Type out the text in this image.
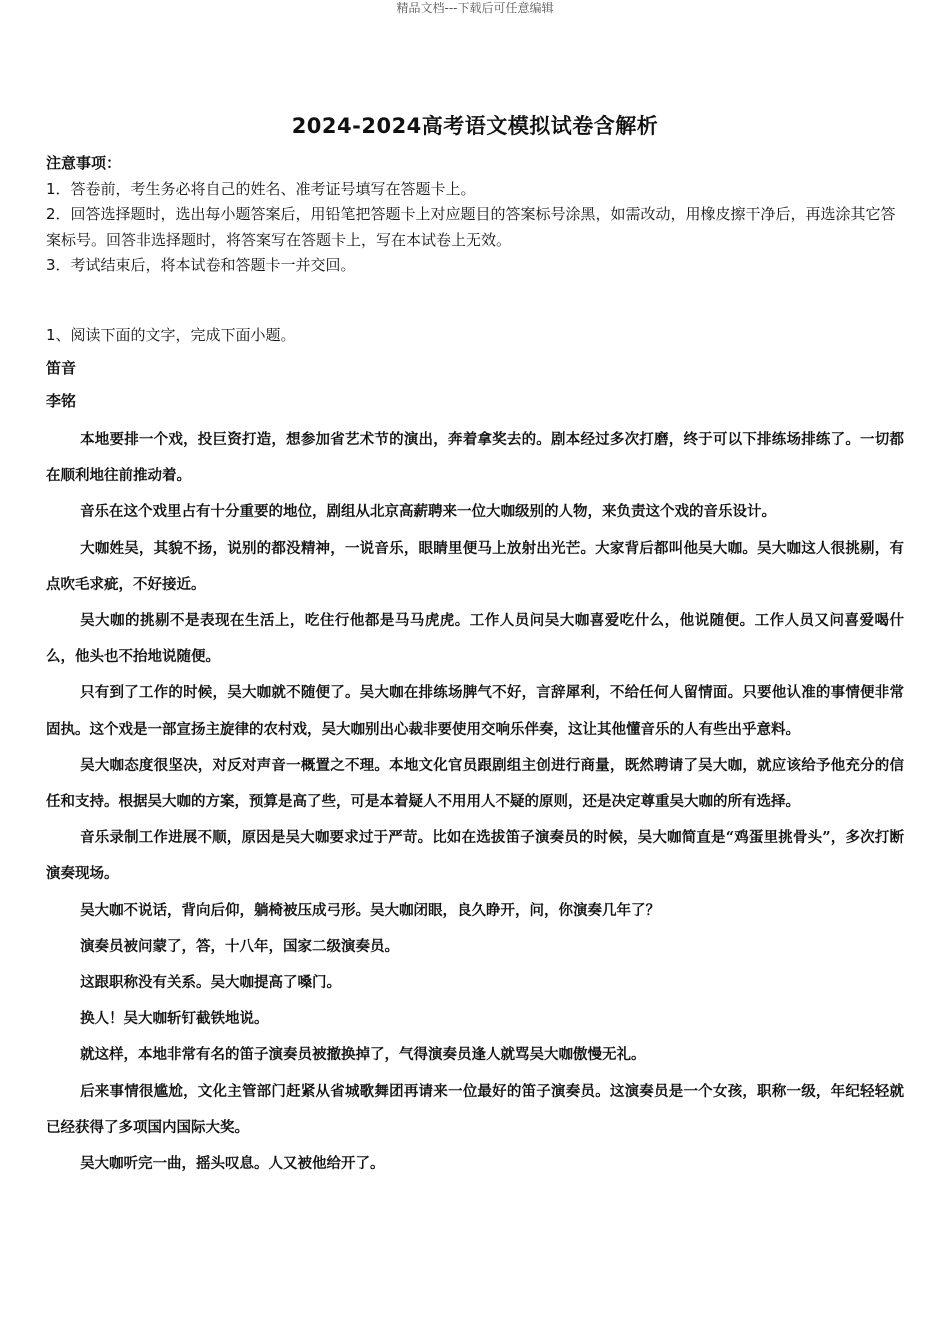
精品文档---下载后可任意编辑
2024-2024高考语文模拟试卷含解析
注意事项：
1．答卷前，考生务必将自己的姓名、准考证号填写在答题卡上。
2．回答选择题时，选出每小题答案后，用铅笔把答题卡上对应题目的答案标号涂黑，如需改动，用橡皮擦干净后，再选涂其它答案标号。回答非选择题时，将答案写在答题卡上，写在本试卷上无效。
3．考试结束后，将本试卷和答题卡一并交回。
1、阅读下面的文字，完成下面小题。
笛音
李铭

本地要排一个戏，投巨资打造，想参加省艺术节的演出，奔着拿奖去的。剧本经过多次打磨，终于可以下排练场排练了。一切都在顺利地往前推动着。

音乐在这个戏里占有十分重要的地位，剧组从北京高薪聘来一位大咖级别的人物，来负责这个戏的音乐设计。

大咖姓吴，其貌不扬，说别的都没精神，一说音乐，眼睛里便马上放射出光芒。大家背后都叫他吴大咖。吴大咖这人很挑剔，有点吹毛求疵，不好接近。

吴大咖的挑剔不是表现在生活上，吃住行他都是马马虎虎。工作人员问吴大咖喜爱吃什么，他说随便。工作人员又问喜爱喝什么，他头也不抬地说随便。

只有到了工作的时候，吴大咖就不随便了。吴大咖在排练场脾气不好，言辞犀利，不给任何人留情面。只要他认准的事情便非常固执。这个戏是一部宣扬主旋律的农村戏，吴大咖别出心裁非要使用交响乐伴奏，这让其他懂音乐的人有些出乎意料。

吴大咖态度很坚决，对反对声音一概置之不理。本地文化官员跟剧组主创进行商量，既然聘请了吴大咖，就应该给予他充分的信任和支持。根据吴大咖的方案，预算是高了些，可是本着疑人不用用人不疑的原则，还是决定尊重吴大咖的所有选择。

音乐录制工作进展不顺，原因是吴大咖要求过于严苛。比如在选拔笛子演奏员的时候，吴大咖简直是“鸡蛋里挑骨头”，多次打断演奏现场。

吴大咖不说话，背向后仰，躺椅被压成弓形。吴大咖闭眼，良久睁开，问，你演奏几年了？

演奏员被问蒙了，答，十八年，国家二级演奏员。

这跟职称没有关系。吴大咖提高了嗓门。

换人！吴大咖斩钉截铁地说。

就这样，本地非常有名的笛子演奏员被撤换掉了，气得演奏员逢人就骂吴大咖傲慢无礼。

后来事情很尴尬，文化主管部门赶紧从省城歌舞团再请来一位最好的笛子演奏员。这演奏员是一个女孩，职称一级，年纪轻轻就已经获得了多项国内国际大奖。

吴大咖听完一曲，摇头叹息。人又被他给开了。
